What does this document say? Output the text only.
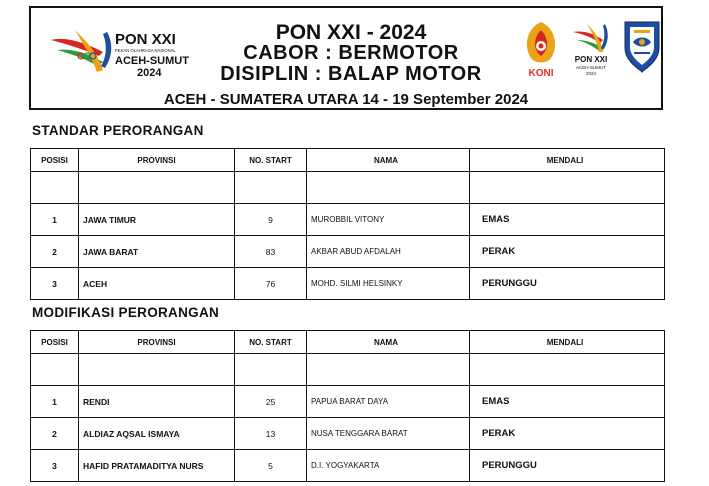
PON XXI
PEKAN OLAHRAGA NASIONAL
ACEH-SUMUT
2024
PON XXI - 2024
CABOR : BERMOTOR
DISIPLIN : BALAP MOTOR	KONI
PON XXI
ACEH-SUMUT
2024
ACEH - SUMATERA UTARA 14 - 19 September 2024
STANDAR PERORANGAN
POSISI	PROVINSI	NO. START	NAMA	MENDALI

1	JAWA TIMUR	9	MUROBBIL VITONY	EMAS
2	JAWA BARAT	83	AKBAR ABUD AFDALAH	PERAK
3	ACEH	76	MOHD. SILMI HELSINKY	PERUNGGU
MODIFIKASI PERORANGAN
POSISI	PROVINSI	NO. START	NAMA	MENDALI

1	RENDI	25	PAPUA BARAT DAYA	EMAS
2	ALDIAZ AQSAL ISMAYA	13	NUSA TENGGARA BARAT	PERAK
3	HAFID PRATAMADITYA NURS	5	D.I. YOGYAKARTA	PERUNGGU
